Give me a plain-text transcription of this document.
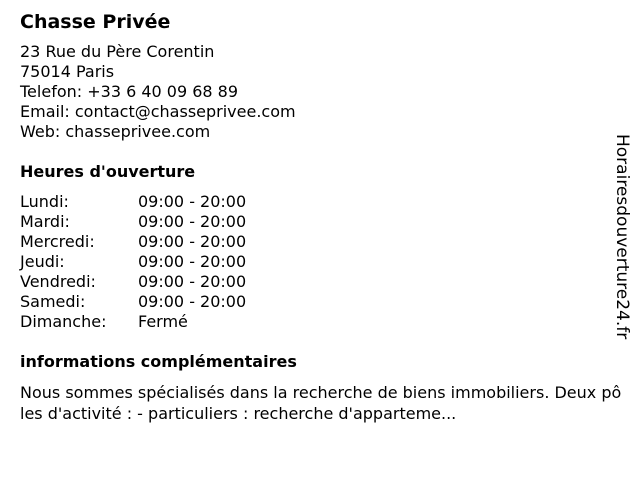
Chasse Privée
23 Rue du Père Corentin
75014 Paris
Telefon: +33 6 40 09 68 89
Email: contact@chasseprivee.com
Web: chasseprivee.com
Heures d'ouverture
Lundi:	09:00 - 20:00
Mardi:	09:00 - 20:00
Mercredi:	09:00 - 20:00
Jeudi:	09:00 - 20:00
Vendredi:	09:00 - 20:00
Samedi:	09:00 - 20:00
Dimanche:	Fermé
informations complémentaires
Nous sommes spécialisés dans la recherche de biens immobiliers. Deux pôles d'activité : - particuliers : recherche d'apparteme...
Horairesdouverture24.fr
